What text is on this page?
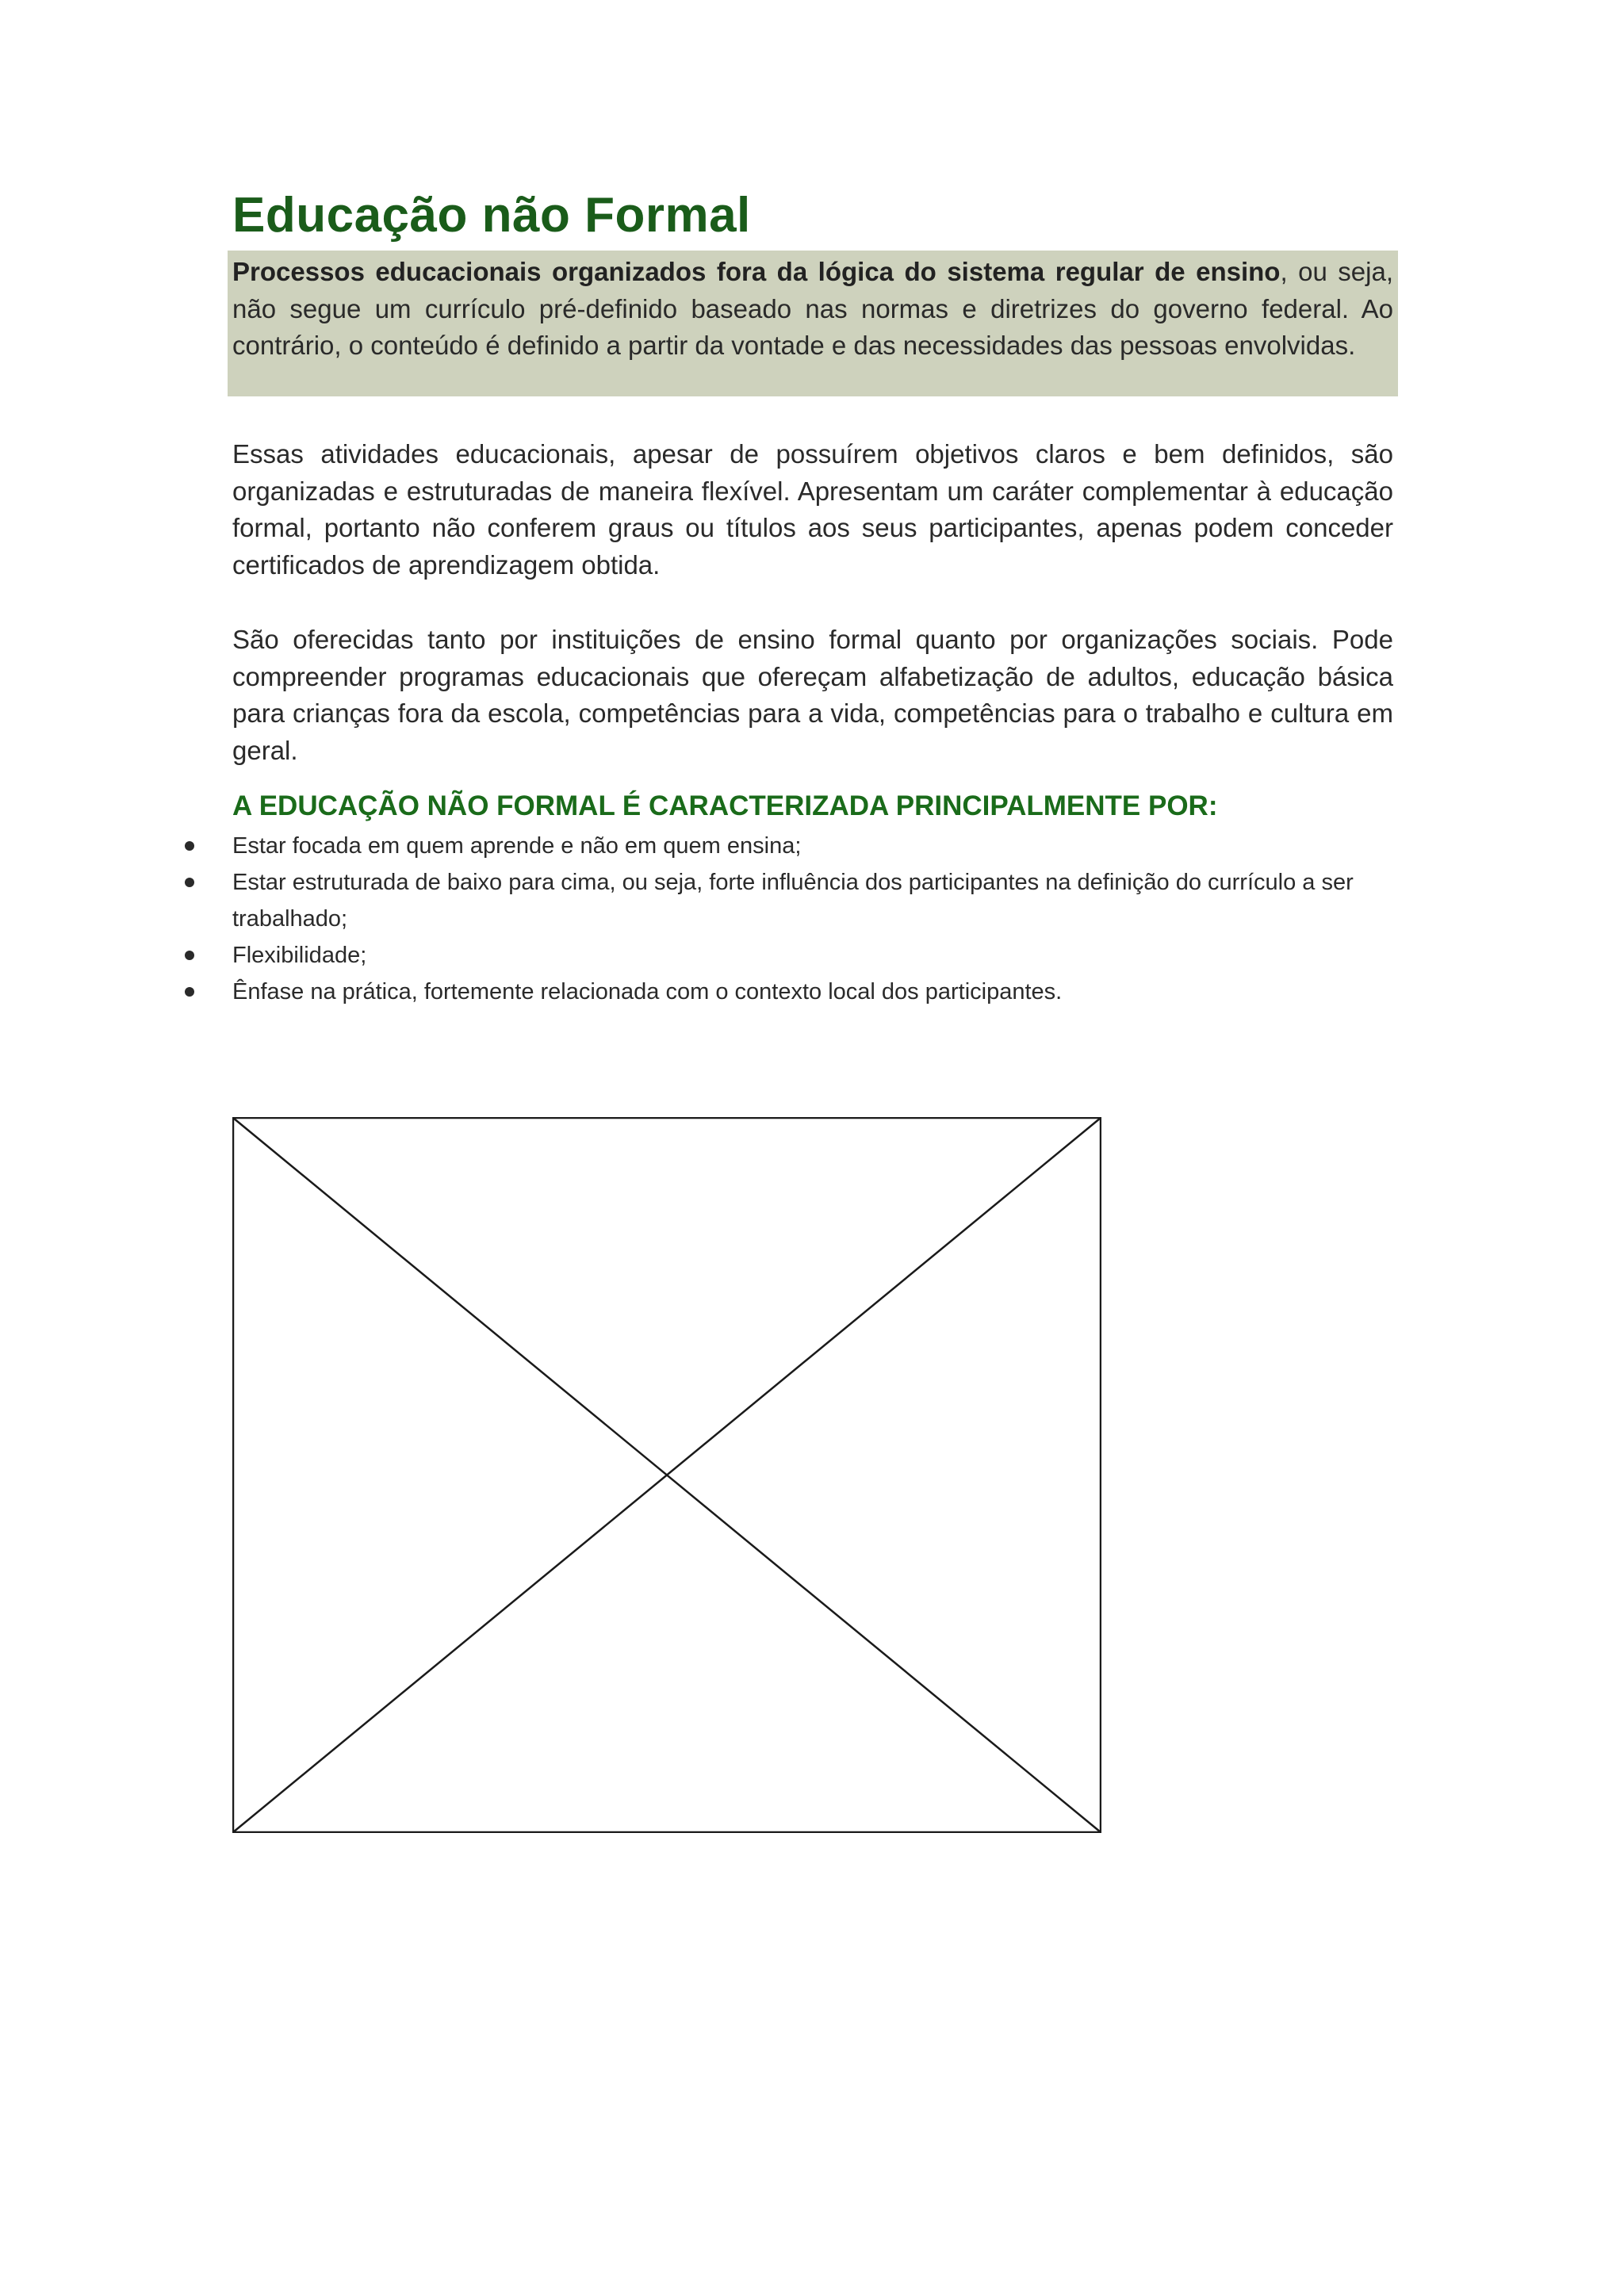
Educação não Formal

Processos educacionais organizados fora da lógica do sistema regular de ensino, ou seja, não segue um currículo pré-definido baseado nas normas e diretrizes do governo federal. Ao contrário, o conteúdo é definido a partir da vontade e das necessidades das pessoas envolvidas.

Essas atividades educacionais, apesar de possuírem objetivos claros e bem definidos, são organizadas e estruturadas de maneira flexível. Apresentam um caráter complementar à educação formal, portanto não conferem graus ou títulos aos seus participantes, apenas podem conceder certificados de aprendizagem obtida.

São oferecidas tanto por instituições de ensino formal quanto por organizações sociais. Pode compreender programas educacionais que ofereçam alfabetização de adultos, educação básica para crianças fora da escola, competências para a vida, competências para o trabalho e cultura em geral.

A EDUCAÇÃO NÃO FORMAL É CARACTERIZADA PRINCIPALMENTE POR:
Estar focada em quem aprende e não em quem ensina;
Estar estruturada de baixo para cima, ou seja, forte influência dos participantes na definição do currículo a ser trabalhado;
Flexibilidade;
Ênfase na prática, fortemente relacionada com o contexto local dos participantes.
